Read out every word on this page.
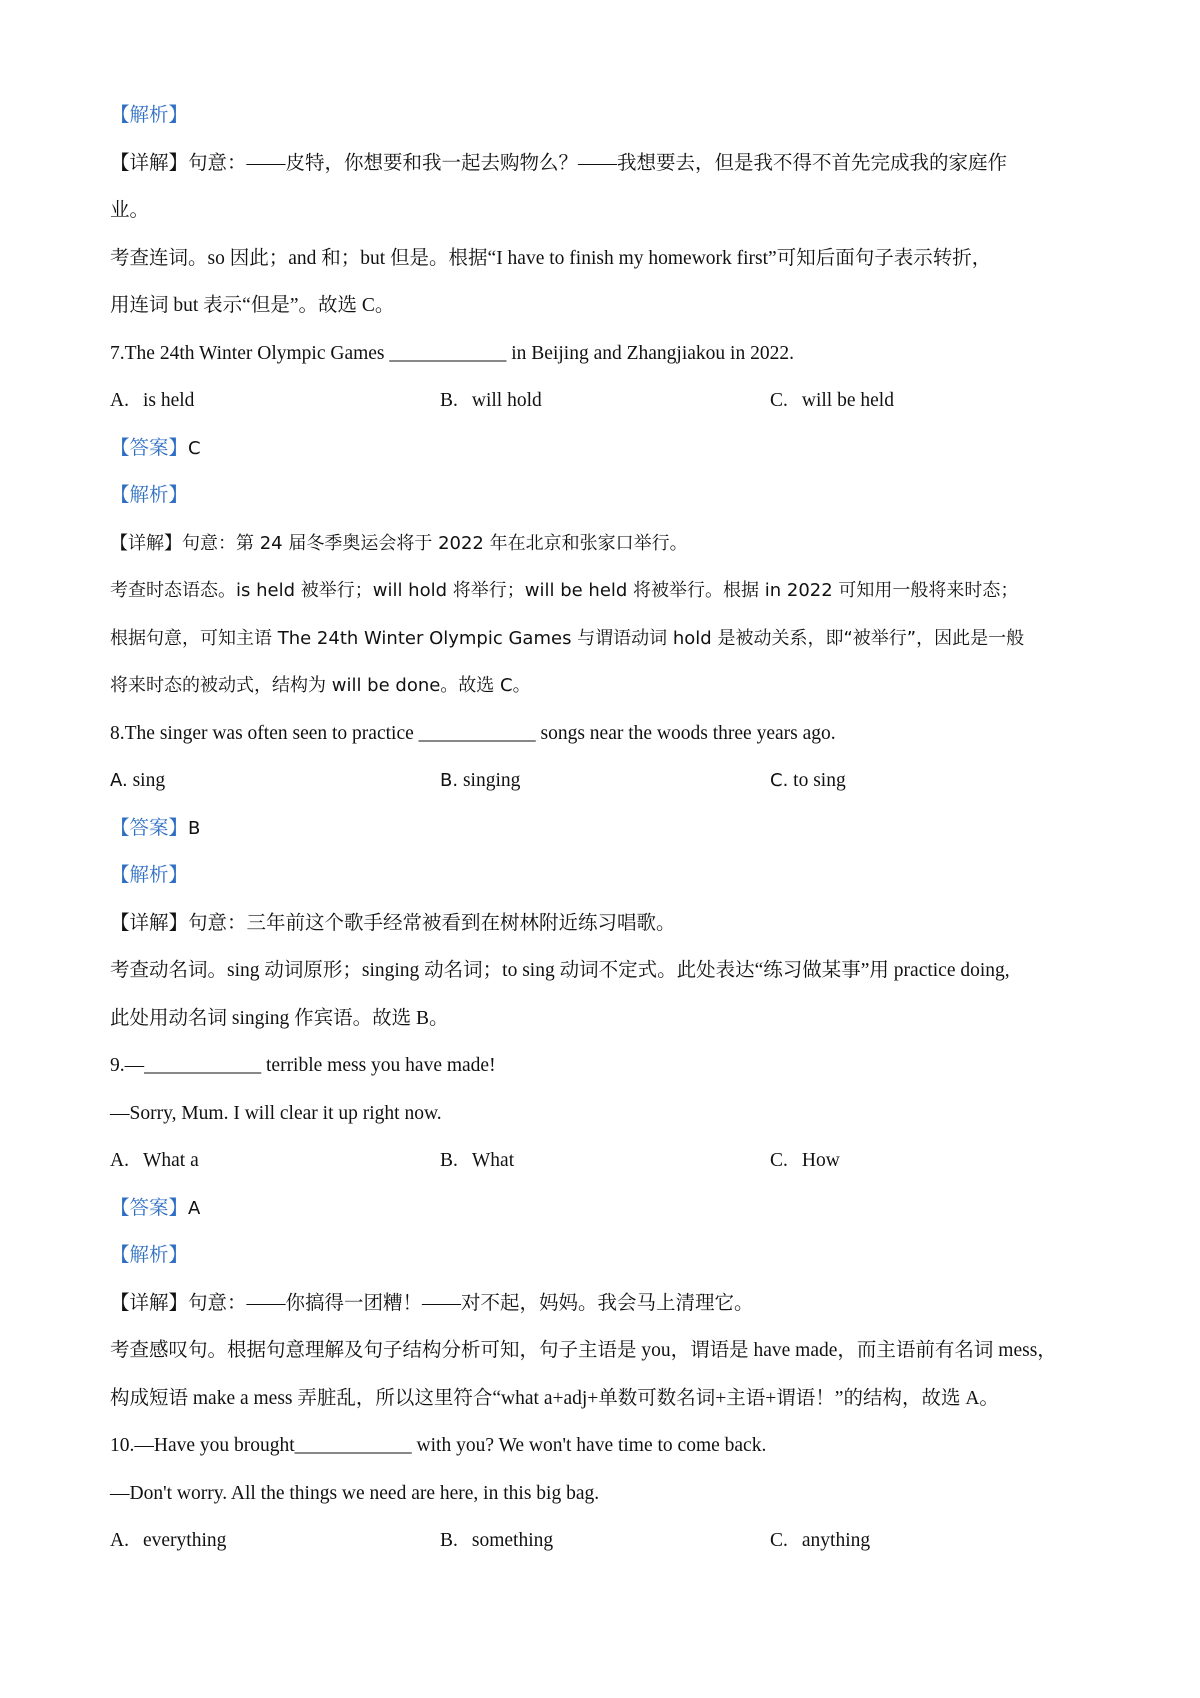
【解析】
【详解】句意：——皮特，你想要和我一起去购物么？——我想要去，但是我不得不首先完成我的家庭作
业。
考查连词。so 因此；and 和；but 但是。根据“I have to finish my homework first”可知后面句子表示转折，
用连词 but 表示“但是”。故选 C。
7.The 24th Winter Olympic Games ____________ in Beijing and Zhangjiakou in 2022.
A. is held	B. will hold	C. will be held
【答案】C
【解析】
【详解】句意：第 24 届冬季奥运会将于 2022 年在北京和张家口举行。
考查时态语态。is held 被举行；will hold 将举行；will be held 将被举行。根据 in 2022 可知用一般将来时态；
根据句意，可知主语 The 24th Winter Olympic Games 与谓语动词 hold 是被动关系，即“被举行”，因此是一般
将来时态的被动式，结构为 will be done。故选 C。
8.The singer was often seen to practice ____________ songs near the woods three years ago.
A. sing	B. singing	C. to sing
【答案】B
【解析】
【详解】句意：三年前这个歌手经常被看到在树林附近练习唱歌。
考查动名词。sing 动词原形；singing 动名词；to sing 动词不定式。此处表达“练习做某事”用 practice doing,
此处用动名词 singing 作宾语。故选 B。
9.—____________ terrible mess you have made!
—Sorry, Mum. I will clear it up right now.
A. What a	B. What	C. How
【答案】A
【解析】
【详解】句意：——你搞得一团糟！——对不起，妈妈。我会马上清理它。
考查感叹句。根据句意理解及句子结构分析可知，句子主语是 you，谓语是 have made，而主语前有名词 mess，
构成短语 make a mess 弄脏乱，所以这里符合“what a+adj+单数可数名词+主语+谓语！”的结构，故选 A。
10.—Have you brought____________ with you? We won't have time to come back.
—Don't worry. All the things we need are here, in this big bag.
A. everything	B. something	C. anything
